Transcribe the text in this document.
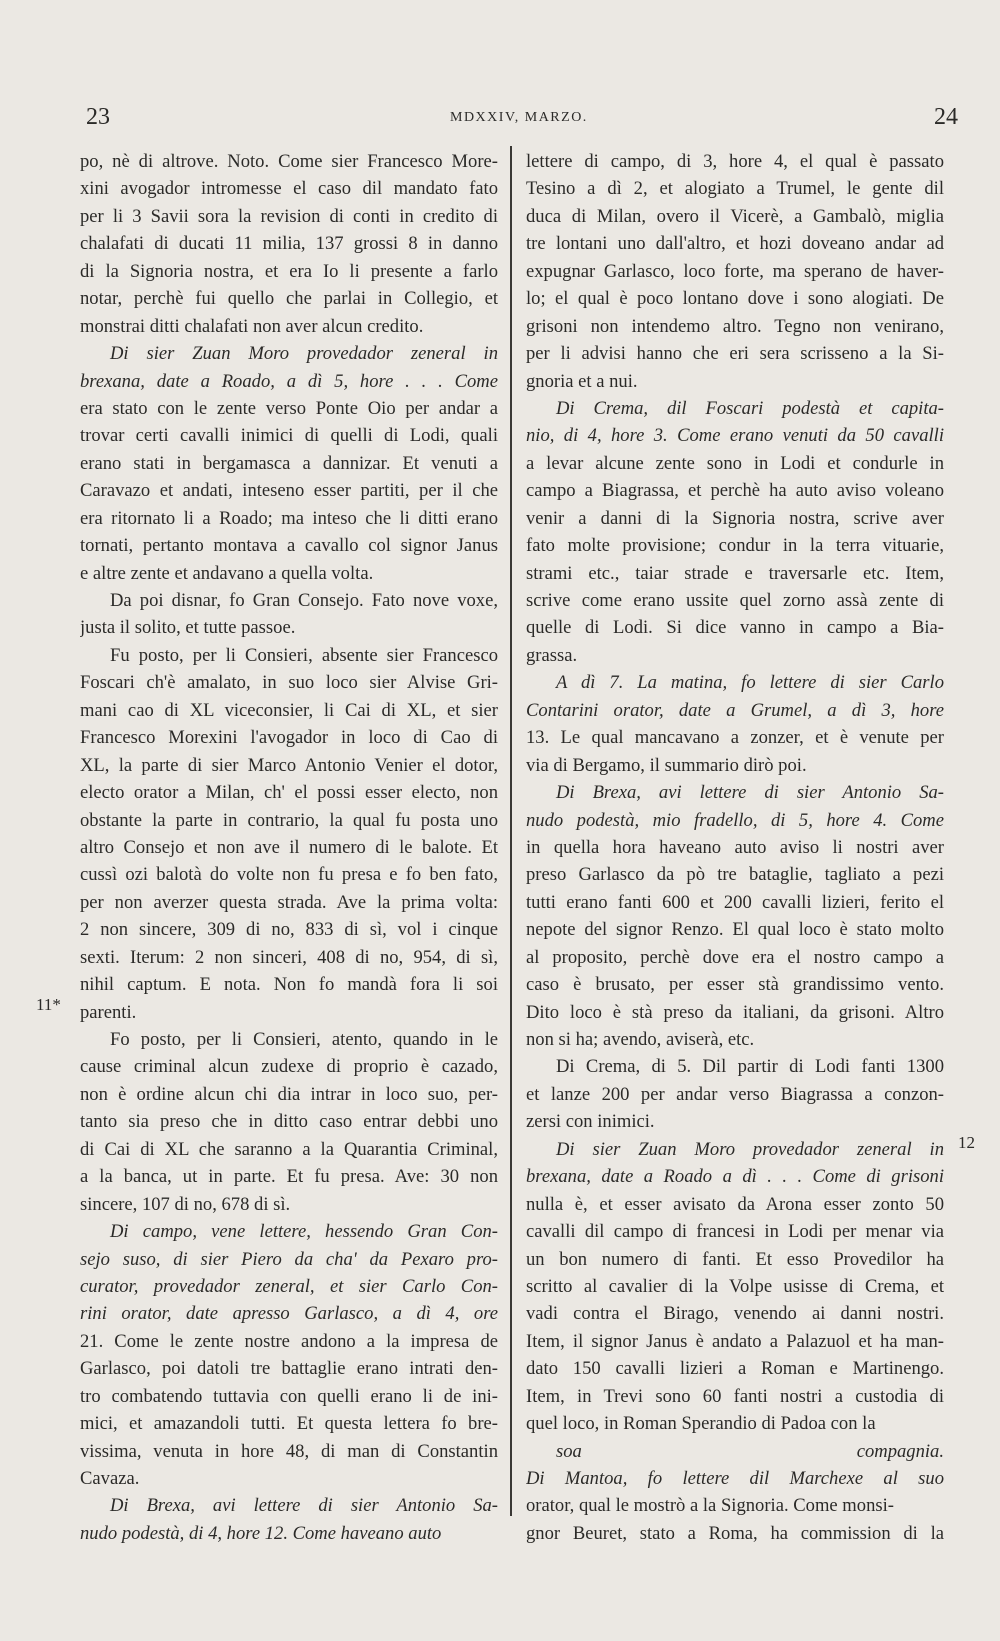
23	MDXXIV, MARZO.	24
11*
12
po, nè di altrove. Noto. Come sier Francesco More-
xini avogador intromesse el caso dil mandato fato
per li 3 Savii sora la revision di conti in credito di
chalafati di ducati 11 milia, 137 grossi 8 in danno
di la Signoria nostra, et era Io li presente a farlo
notar, perchè fui quello che parlai in Collegio, et
monstrai ditti chalafati non aver alcun credito.
Di sier Zuan Moro provedador zeneral in
brexana, date a Roado, a dì 5, hore . . . Come
era stato con le zente verso Ponte Oio per andar a
trovar certi cavalli inimici di quelli di Lodi, quali
erano stati in bergamasca a dannizar. Et venuti a
Caravazo et andati, inteseno esser partiti, per il che
era ritornato li a Roado; ma inteso che li ditti erano
tornati, pertanto montava a cavallo col signor Janus
e altre zente et andavano a quella volta.
Da poi disnar, fo Gran Consejo. Fato nove voxe,
justa il solito, et tutte passoe.
Fu posto, per li Consieri, absente sier Francesco
Foscari ch'è amalato, in suo loco sier Alvise Gri-
mani cao di XL viceconsier, li Cai di XL, et sier
Francesco Morexini l'avogador in loco di Cao di
XL, la parte di sier Marco Antonio Venier el dotor,
electo orator a Milan, ch' el possi esser electo, non
obstante la parte in contrario, la qual fu posta uno
altro Consejo et non ave il numero di le balote. Et
cussì ozi balotà do volte non fu presa e fo ben fato,
per non averzer questa strada. Ave la prima volta:
2 non sincere, 309 di no, 833 di sì, vol i cinque
sexti. Iterum: 2 non sinceri, 408 di no, 954, di sì,
nihil captum. E nota. Non fo mandà fora li soi
parenti.
Fo posto, per li Consieri, atento, quando in le
cause criminal alcun zudexe di proprio è cazado,
non è ordine alcun chi dia intrar in loco suo, per-
tanto sia preso che in ditto caso entrar debbi uno
di Cai di XL che saranno a la Quarantia Criminal,
a la banca, ut in parte. Et fu presa. Ave: 30 non
sincere, 107 di no, 678 di sì.
Di campo, vene lettere, hessendo Gran Con-
sejo suso, di sier Piero da cha' da Pexaro pro-
curator, provedador zeneral, et sier Carlo Con-
rini orator, date apresso Garlasco, a dì 4, ore
21. Come le zente nostre andono a la impresa de
Garlasco, poi datoli tre battaglie erano intrati den-
tro combatendo tuttavia con quelli erano li de ini-
mici, et amazandoli tutti. Et questa lettera fo bre-
vissima, venuta in hore 48, di man di Constantin
Cavaza.
Di Brexa, avi lettere di sier Antonio Sa-
nudo podestà, di 4, hore 12. Come haveano auto
lettere di campo, di 3, hore 4, el qual è passato
Tesino a dì 2, et alogiato a Trumel, le gente dil
duca di Milan, overo il Vicerè, a Gambalò, miglia
tre lontani uno dall'altro, et hozi doveano andar ad
expugnar Garlasco, loco forte, ma sperano de haver-
lo; el qual è poco lontano dove i sono alogiati. De
grisoni non intendemo altro. Tegno non venirano,
per li advisi hanno che eri sera scrisseno a la Si-
gnoria et a nui.
Di Crema, dil Foscari podestà et capita-
nio, di 4, hore 3. Come erano venuti da 50 cavalli
a levar alcune zente sono in Lodi et condurle in
campo a Biagrassa, et perchè ha auto aviso voleano
venir a danni di la Signoria nostra, scrive aver
fato molte provisione; condur in la terra vituarie,
strami etc., taiar strade e traversarle etc. Item,
scrive come erano ussite quel zorno assà zente di
quelle di Lodi. Si dice vanno in campo a Bia-
grassa.
A dì 7. La matina, fo lettere di sier Carlo
Contarini orator, date a Grumel, a dì 3, hore
13. Le qual mancavano a zonzer, et è venute per
via di Bergamo, il summario dirò poi.
Di Brexa, avi lettere di sier Antonio Sa-
nudo podestà, mio fradello, di 5, hore 4. Come
in quella hora haveano auto aviso li nostri aver
preso Garlasco da pò tre bataglie, tagliato a pezi
tutti erano fanti 600 et 200 cavalli lizieri, ferito el
nepote del signor Renzo. El qual loco è stato molto
al proposito, perchè dove era el nostro campo a
caso è brusato, per esser stà grandissimo vento.
Dito loco è stà preso da italiani, da grisoni. Altro
non si ha; avendo, aviserà, etc.
Di Crema, di 5. Dil partir di Lodi fanti 1300
et lanze 200 per andar verso Biagrassa a conzon-
zersi con inimici.
Di sier Zuan Moro provedador zeneral in
brexana, date a Roado a dì . . . Come di grisoni
nulla è, et esser avisato da Arona esser zonto 50
cavalli dil campo di francesi in Lodi per menar via
un bon numero di fanti. Et esso Provedilor ha
scritto al cavalier di la Volpe usisse di Crema, et
vadi contra el Birago, venendo ai danni nostri.
Item, il signor Janus è andato a Palazuol et ha man-
dato 150 cavalli lizieri a Roman e Martinengo.
Item, in Trevi sono 60 fanti nostri a custodia di
quel loco, in Roman Sperandio di Padoa con la
soa compagnia.
Di Mantoa, fo lettere dil Marchexe al suo
orator, qual le mostrò a la Signoria. Come monsi-
gnor Beuret, stato a Roma, ha commission di la
